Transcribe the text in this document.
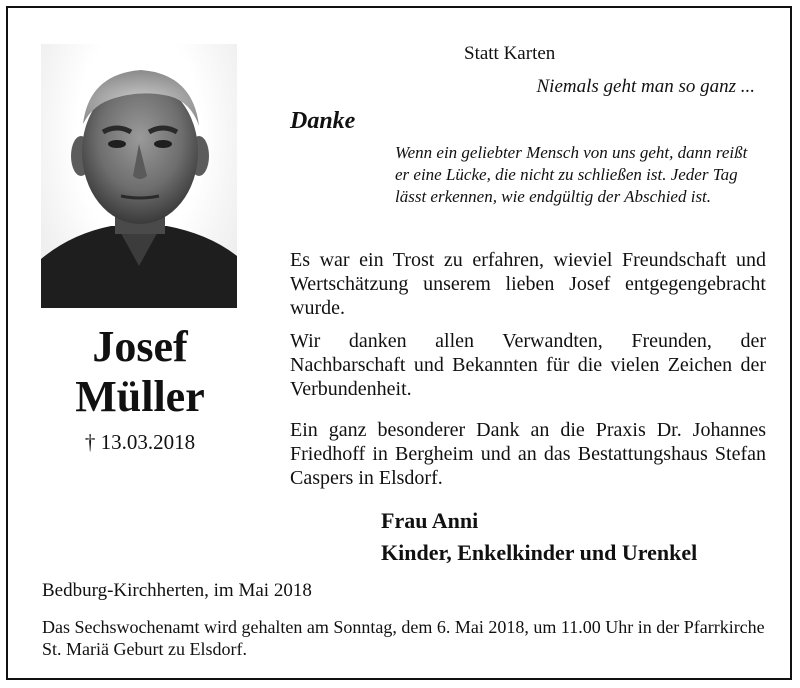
Josef
Müller
† 13.03.2018
Statt Karten
Niemals geht man so ganz ...
Danke

Wenn ein geliebter Mensch von uns geht, dann reißt er eine Lücke, die nicht zu schließen ist. Jeder Tag lässt erkennen, wie endgültig der Abschied ist.

Es war ein Trost zu erfahren, wieviel Freundschaft und Wertschätzung unserem lieben Josef entgegengebracht wurde.

Wir danken allen Verwandten, Freunden, der Nachbarschaft und Bekannten für die vielen Zeichen der Verbundenheit.

Ein ganz besonderer Dank an die Praxis Dr. Johannes Friedhoff in Bergheim und an das Bestattungshaus Stefan Caspers in Elsdorf.

Frau Anni
Kinder, Enkelkinder und Urenkel
Bedburg-Kirchherten, im Mai 2018

Das Sechswochenamt wird gehalten am Sonntag, dem 6. Mai 2018, um 11.00 Uhr in der Pfarrkirche St. Mariä Geburt zu Elsdorf.
